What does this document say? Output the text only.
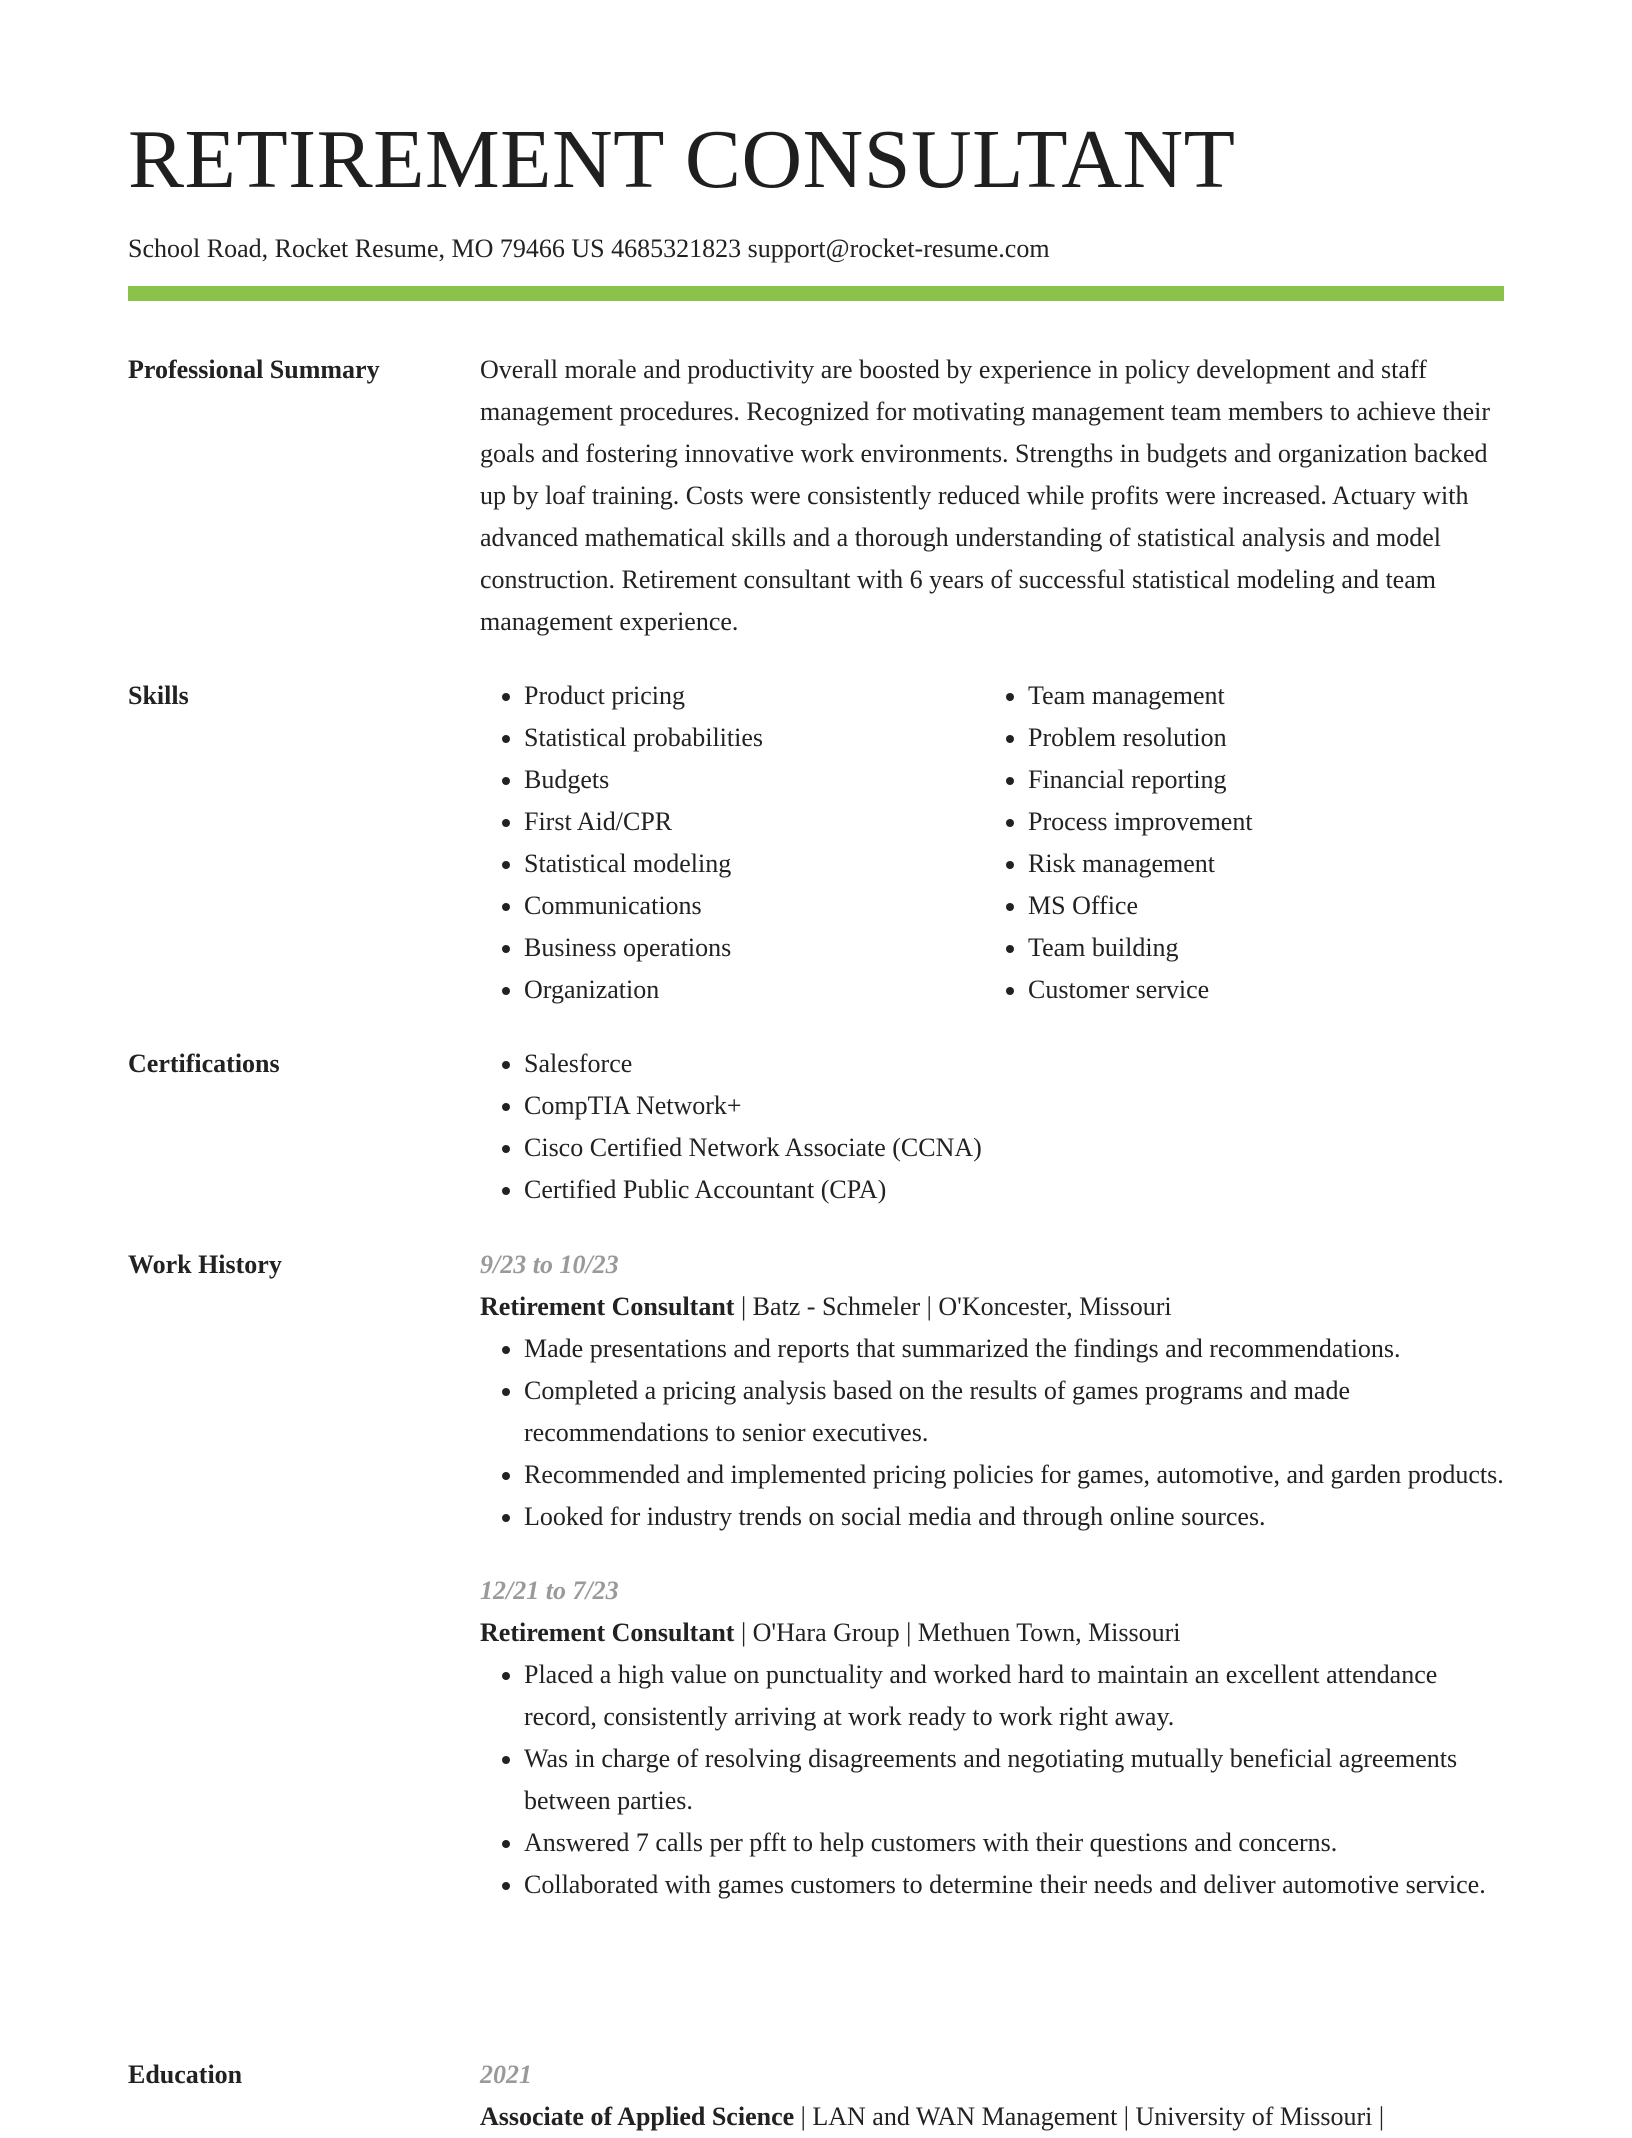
RETIREMENT CONSULTANT
School Road, Rocket Resume, MO 79466 US 4685321823 support@rocket-resume.com
Professional Summary	Overall morale and productivity are boosted by experience in policy development and staff management procedures. Recognized for motivating management team members to achieve their goals and fostering innovative work environments. Strengths in budgets and organization backed up by loaf training. Costs were consistently reduced while profits were increased. Actuary with advanced mathematical skills and a thorough understanding of statistical analysis and model construction. Retirement consultant with 6 years of successful statistical modeling and team management experience.

Skills	• Product pricing
• Statistical probabilities
• Budgets
• First Aid/CPR
• Statistical modeling
• Communications
• Business operations
• Organization
• Team management
• Problem resolution
• Financial reporting
• Process improvement
• Risk management
• MS Office
• Team building
• Customer service
Certifications	• Salesforce
• CompTIA Network+
• Cisco Certified Network Associate (CCNA)
• Certified Public Accountant (CPA)
Work History	9/23 to 10/23
Retirement Consultant | Batz - Schmeler | O'Koncester, Missouri
• Made presentations and reports that summarized the findings and recommendations.
• Completed a pricing analysis based on the results of games programs and made recommendations to senior executives.
• Recommended and implemented pricing policies for games, automotive, and garden products.
• Looked for industry trends on social media and through online sources.
12/21 to 7/23
Retirement Consultant | O'Hara Group | Methuen Town, Missouri
• Placed a high value on punctuality and worked hard to maintain an excellent attendance record, consistently arriving at work ready to work right away.
• Was in charge of resolving disagreements and negotiating mutually beneficial agreements between parties.
• Answered 7 calls per pfft to help customers with their questions and concerns.
• Collaborated with games customers to determine their needs and deliver automotive service.
Education	2021
Associate of Applied Science | LAN and WAN Management | University of Missouri |
